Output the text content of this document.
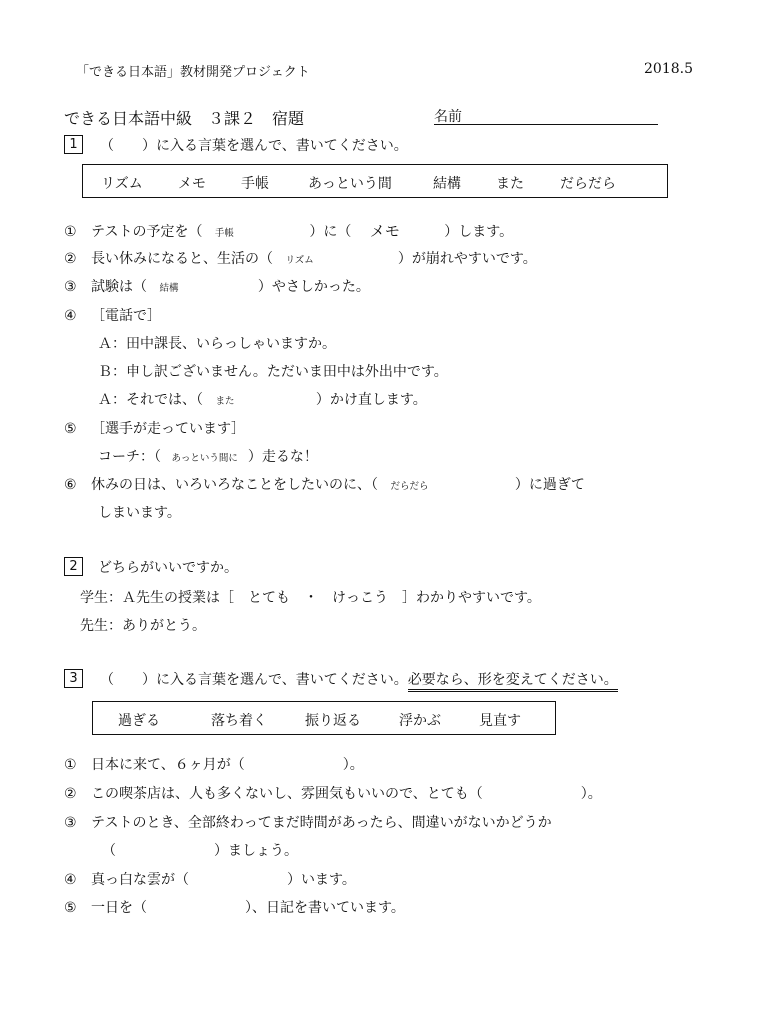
「できる日本語」教材開発プロジェクト	2018.5
できる日本語中級　３課２　宿題	名前
1	（　　）に入る言葉を選んで、書いてください。
リズム	メモ	手帳	あっという間	結構	また	だらだら
① テストの予定を（ 手帳	）に（ メモ	）します。
② 長い休みになると、生活の（ リズム	）が崩れやすいです。
③ 試験は（ 結構	）やさしかった。
④ ［電話で］
Ａ：田中課長、いらっしゃいますか。
Ｂ：申し訳ございません。ただいま田中は外出中です。
Ａ：それでは、（ また	）かけ直します。
⑤ ［選手が走っています］
コーチ：（ あっという間に ）走るな！
⑥ 休みの日は、いろいろなことをしたいのに、（ だらだら	）に過ぎて
しまいます。
2	どちらがいいですか。
学生：Ａ先生の授業は［　とても　・　けっこう　］わかりやすいです。
先生：ありがとう。
3	（　　）に入る言葉を選んで、書いてください。必要なら、形を変えてください。
過ぎる	落ち着く	振り返る	浮かぶ	見直す
① 日本に来て、６ヶ月が（　　　　　　　）。
② この喫茶店は、人も多くないし、雰囲気もいいので、とても（　　　　　　　）。
③ テストのとき、全部終わってまだ時間があったら、間違いがないかどうか
（　　　　　　　）ましょう。
④ 真っ白な雲が（　　　　　　　）います。
⑤ 一日を（　　　　　　　）、日記を書いています。
